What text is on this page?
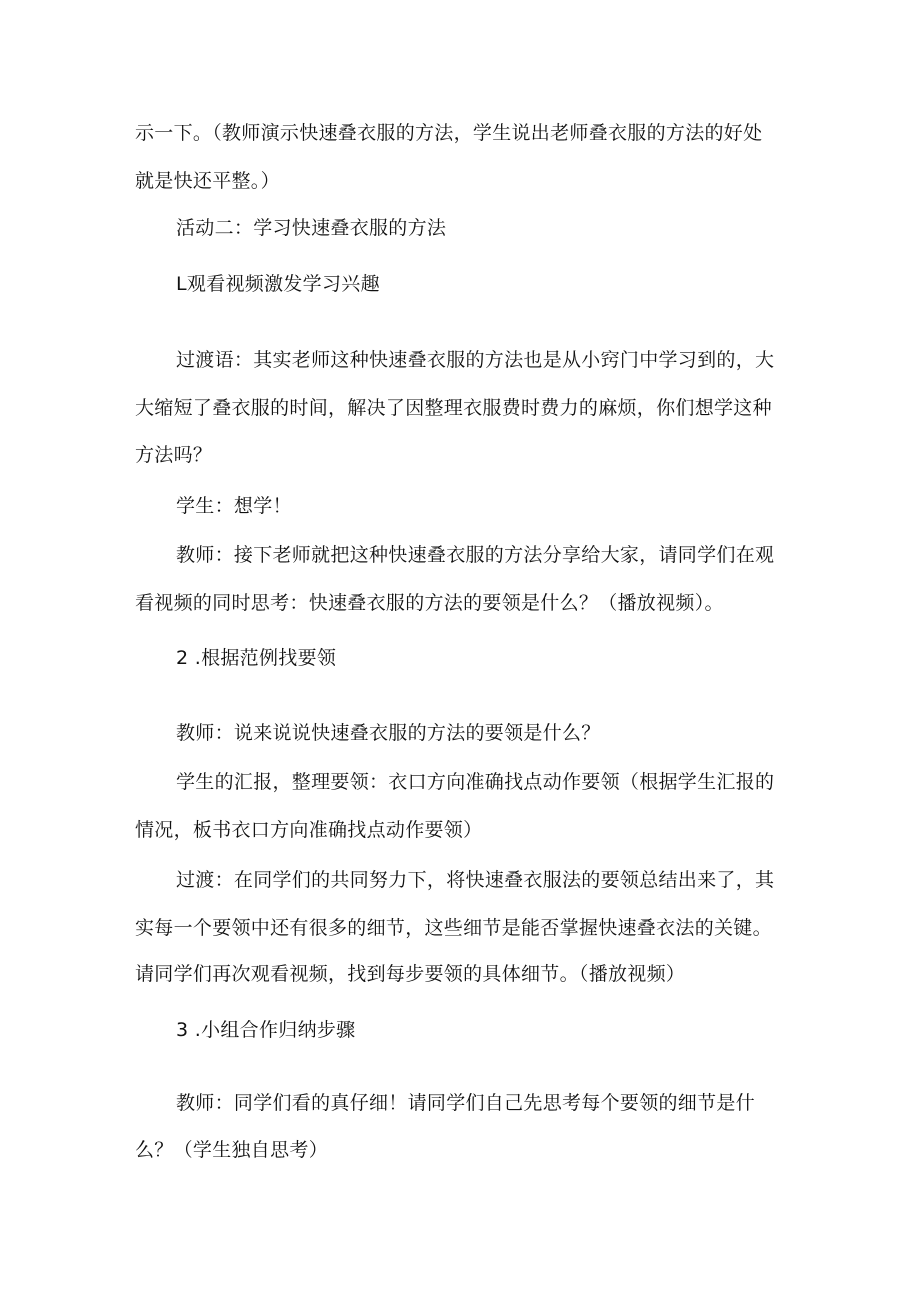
示一下。（教师演示快速叠衣服的方法，学生说出老师叠衣服的方法的好处
就是快还平整。）
活动二：学习快速叠衣服的方法
L观看视频激发学习兴趣
过渡语：其实老师这种快速叠衣服的方法也是从小窍门中学习到的，大
大缩短了叠衣服的时间，解决了因整理衣服费时费力的麻烦，你们想学这种
方法吗？
学生：想学！
教师：接下老师就把这种快速叠衣服的方法分享给大家，请同学们在观
看视频的同时思考：快速叠衣服的方法的要领是什么？（播放视频）。
2 .根据范例找要领
教师：说来说说快速叠衣服的方法的要领是什么？
学生的汇报，整理要领：衣口方向准确找点动作要领（根据学生汇报的
情况，板书衣口方向准确找点动作要领）
过渡：在同学们的共同努力下，将快速叠衣服法的要领总结出来了，其
实每一个要领中还有很多的细节，这些细节是能否掌握快速叠衣法的关键。
请同学们再次观看视频，找到每步要领的具体细节。（播放视频）
3 .小组合作归纳步骤
教师：同学们看的真仔细！请同学们自己先思考每个要领的细节是什
么？（学生独自思考）
